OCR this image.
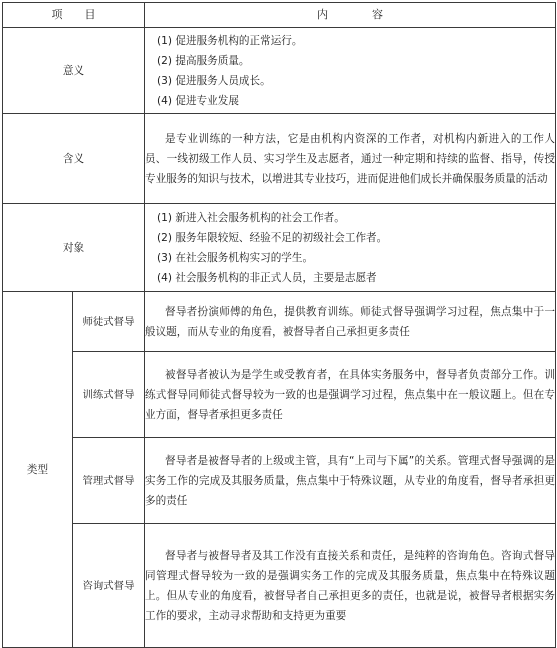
项　　目		内　　　　容
意义		(1) 促进服务机构的正常运行。
(2) 提高服务质量。
(3) 促进服务人员成长。
(4) 促进专业发展

含义		是专业训练的一种方法，它是由机构内资深的工作者，对机构内新进入的工作人员、一线初级工作人员、实习学生及志愿者，通过一种定期和持续的监督、指导，传授专业服务的知识与技术，以增进其专业技巧，进而促进他们成长并确保服务质量的活动

对象		(1) 新进入社会服务机构的社会工作者。
(2) 服务年限较短、经验不足的初级社会工作者。
(3) 在社会服务机构实习的学生。
(4) 社会服务机构的非正式人员，主要是志愿者

类型	师徒式督导	督导者扮演师傅的角色，提供教育训练。师徒式督导强调学习过程，焦点集中于一般议题，而从专业的角度看，被督导者自己承担更多责任

	训练式督导	被督导者被认为是学生或受教育者，在具体实务服务中，督导者负责部分工作。训练式督导同师徒式督导较为一致的也是强调学习过程，焦点集中在一般议题上。但在专业方面，督导者承担更多责任

	管理式督导	督导者是被督导者的上级或主管，具有“上司与下属”的关系。管理式督导强调的是实务工作的完成及其服务质量，焦点集中于特殊议题，从专业的角度看，督导者承担更多的责任

	咨询式督导	督导者与被督导者及其工作没有直接关系和责任，是纯粹的咨询角色。咨询式督导同管理式督导较为一致的是强调实务工作的完成及其服务质量，焦点集中在特殊议题上。但从专业的角度看，被督导者自己承担更多的责任，也就是说，被督导者根据实务工作的要求，主动寻求帮助和支持更为重要
